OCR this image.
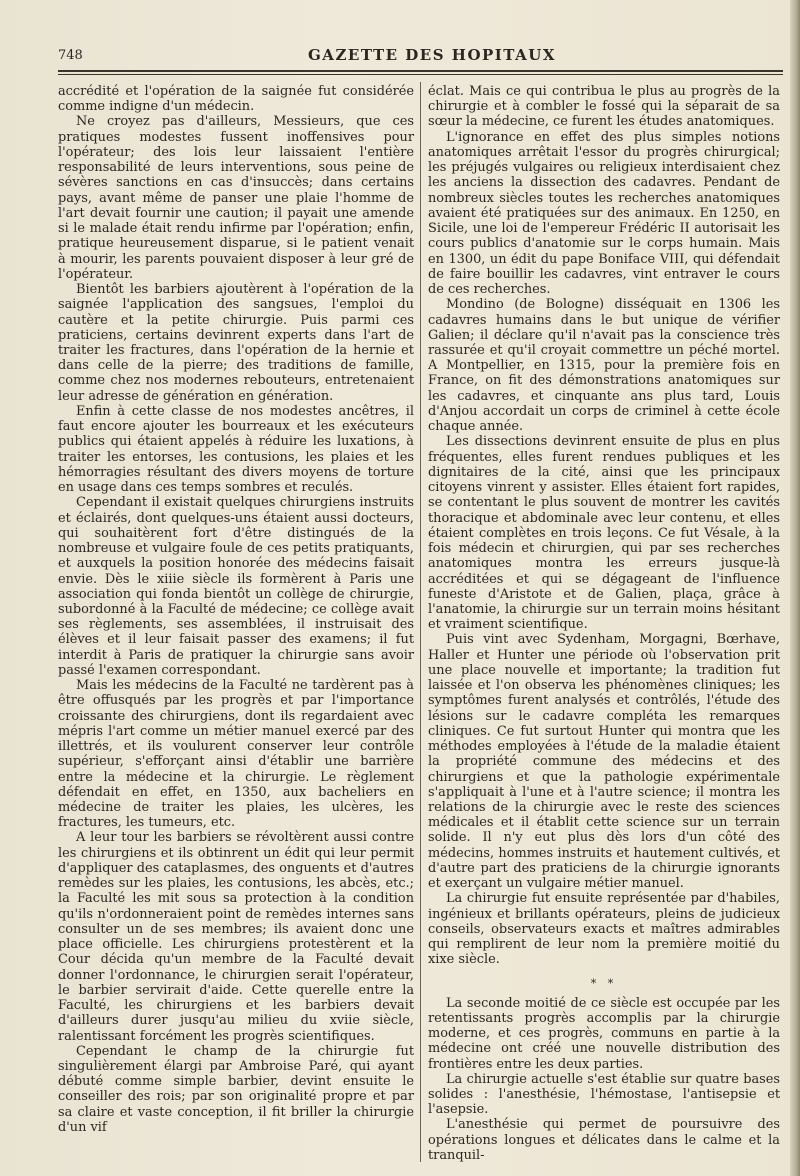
748	GAZETTE DES HOPITAUX

accrédité et l'opération de la saignée fut considérée comme indigne d'un médecin.

Ne croyez pas d'ailleurs, Messieurs, que ces pratiques modestes fussent inoffensives pour l'opérateur; des lois leur laissaient l'entière responsabilité de leurs interventions, sous peine de sévères sanctions en cas d'insuccès; dans certains pays, avant même de panser une plaie l'homme de l'art devait fournir une caution; il payait une amende si le malade était rendu infirme par l'opération; enfin, pratique heureusement disparue, si le patient venait à mourir, les parents pouvaient disposer à leur gré de l'opérateur.

Bientôt les barbiers ajoutèrent à l'opération de la saignée l'application des sangsues, l'emploi du cautère et la petite chirurgie. Puis parmi ces praticiens, certains devinrent experts dans l'art de traiter les fractures, dans l'opération de la hernie et dans celle de la pierre; des traditions de famille, comme chez nos modernes rebouteurs, entretenaient leur adresse de génération en génération.

Enfin à cette classe de nos modestes ancêtres, il faut encore ajouter les bourreaux et les exécuteurs publics qui étaient appelés à réduire les luxations, à traiter les entorses, les contusions, les plaies et les hémorragies résultant des divers moyens de torture en usage dans ces temps sombres et reculés.

Cependant il existait quelques chirurgiens instruits et éclairés, dont quelques-uns étaient aussi docteurs, qui souhaitèrent fort d'être distingués de la nombreuse et vulgaire foule de ces petits pratiquants, et auxquels la position honorée des médecins faisait envie. Dès le xiiie siècle ils formèrent à Paris une association qui fonda bientôt un collège de chirurgie, subordonné à la Faculté de médecine; ce collège avait ses règlements, ses assemblées, il instruisait des élèves et il leur faisait passer des examens; il fut interdit à Paris de pratiquer la chirurgie sans avoir passé l'examen correspondant.

Mais les médecins de la Faculté ne tardèrent pas à être offusqués par les progrès et par l'importance croissante des chirurgiens, dont ils regardaient avec mépris l'art comme un métier manuel exercé par des illettrés, et ils voulurent conserver leur contrôle supérieur, s'efforçant ainsi d'établir une barrière entre la médecine et la chirurgie. Le règlement défendait en effet, en 1350, aux bacheliers en médecine de traiter les plaies, les ulcères, les fractures, les tumeurs, etc.

A leur tour les barbiers se révoltèrent aussi contre les chirurgiens et ils obtinrent un édit qui leur permit d'appliquer des cataplasmes, des onguents et d'autres remèdes sur les plaies, les contusions, les abcès, etc.; la Faculté les mit sous sa protection à la condition qu'ils n'ordonneraient point de remèdes internes sans consulter un de ses membres; ils avaient donc une place officielle. Les chirurgiens protestèrent et la Cour décida qu'un membre de la Faculté devait donner l'ordonnance, le chirurgien serait l'opérateur, le barbier servirait d'aide. Cette querelle entre la Faculté, les chirurgiens et les barbiers devait d'ailleurs durer jusqu'au milieu du xviie siècle, ralentissant forcément les progrès scientifiques.

Cependant le champ de la chirurgie fut singulièrement élargi par Ambroise Paré, qui ayant débuté comme simple barbier, devint ensuite le conseiller des rois; par son originalité propre et par sa claire et vaste conception, il fit briller la chirurgie d'un vif

éclat. Mais ce qui contribua le plus au progrès de la chirurgie et à combler le fossé qui la séparait de sa sœur la médecine, ce furent les études anatomiques.

L'ignorance en effet des plus simples notions anatomiques arrêtait l'essor du progrès chirurgical; les préjugés vulgaires ou religieux interdisaient chez les anciens la dissection des cadavres. Pendant de nombreux siècles toutes les recherches anatomiques avaient été pratiquées sur des animaux. En 1250, en Sicile, une loi de l'empereur Frédéric II autorisait les cours publics d'anatomie sur le corps humain. Mais en 1300, un édit du pape Boniface VIII, qui défendait de faire bouillir les cadavres, vint entraver le cours de ces recherches.

Mondino (de Bologne) disséquait en 1306 les cadavres humains dans le but unique de vérifier Galien; il déclare qu'il n'avait pas la conscience très rassurée et qu'il croyait commettre un péché mortel. A Montpellier, en 1315, pour la première fois en France, on fit des démonstrations anatomiques sur les cadavres, et cinquante ans plus tard, Louis d'Anjou accordait un corps de criminel à cette école chaque année.

Les dissections devinrent ensuite de plus en plus fréquentes, elles furent rendues publiques et les dignitaires de la cité, ainsi que les principaux citoyens vinrent y assister. Elles étaient fort rapides, se contentant le plus souvent de montrer les cavités thoracique et abdominale avec leur contenu, et elles étaient complètes en trois leçons. Ce fut Vésale, à la fois médecin et chirurgien, qui par ses recherches anatomiques montra les erreurs jusque-là accréditées et qui se dégageant de l'influence funeste d'Aristote et de Galien, plaça, grâce à l'anatomie, la chirurgie sur un terrain moins hésitant et vraiment scientifique.

Puis vint avec Sydenham, Morgagni, Bœrhave, Haller et Hunter une période où l'observation prit une place nouvelle et importante; la tradition fut laissée et l'on observa les phénomènes cliniques; les symptômes furent analysés et contrôlés, l'étude des lésions sur le cadavre compléta les remarques cliniques. Ce fut surtout Hunter qui montra que les méthodes employées à l'étude de la maladie étaient la propriété commune des médecins et des chirurgiens et que la pathologie expérimentale s'appliquait à l'une et à l'autre science; il montra les relations de la chirurgie avec le reste des sciences médicales et il établit cette science sur un terrain solide. Il n'y eut plus dès lors d'un côté des médecins, hommes instruits et hautement cultivés, et d'autre part des praticiens de la chirurgie ignorants et exerçant un vulgaire métier manuel.

La chirurgie fut ensuite représentée par d'habiles, ingénieux et brillants opérateurs, pleins de judicieux conseils, observateurs exacts et maîtres admirables qui remplirent de leur nom la première moitié du xixe siècle.

* *

La seconde moitié de ce siècle est occupée par les retentissants progrès accomplis par la chirurgie moderne, et ces progrès, communs en partie à la médecine ont créé une nouvelle distribution des frontières entre les deux parties.

La chirurgie actuelle s'est établie sur quatre bases solides : l'anesthésie, l'hémostase, l'antisepsie et l'asepsie.

L'anesthésie qui permet de poursuivre des opérations longues et délicates dans le calme et la tranquil-
